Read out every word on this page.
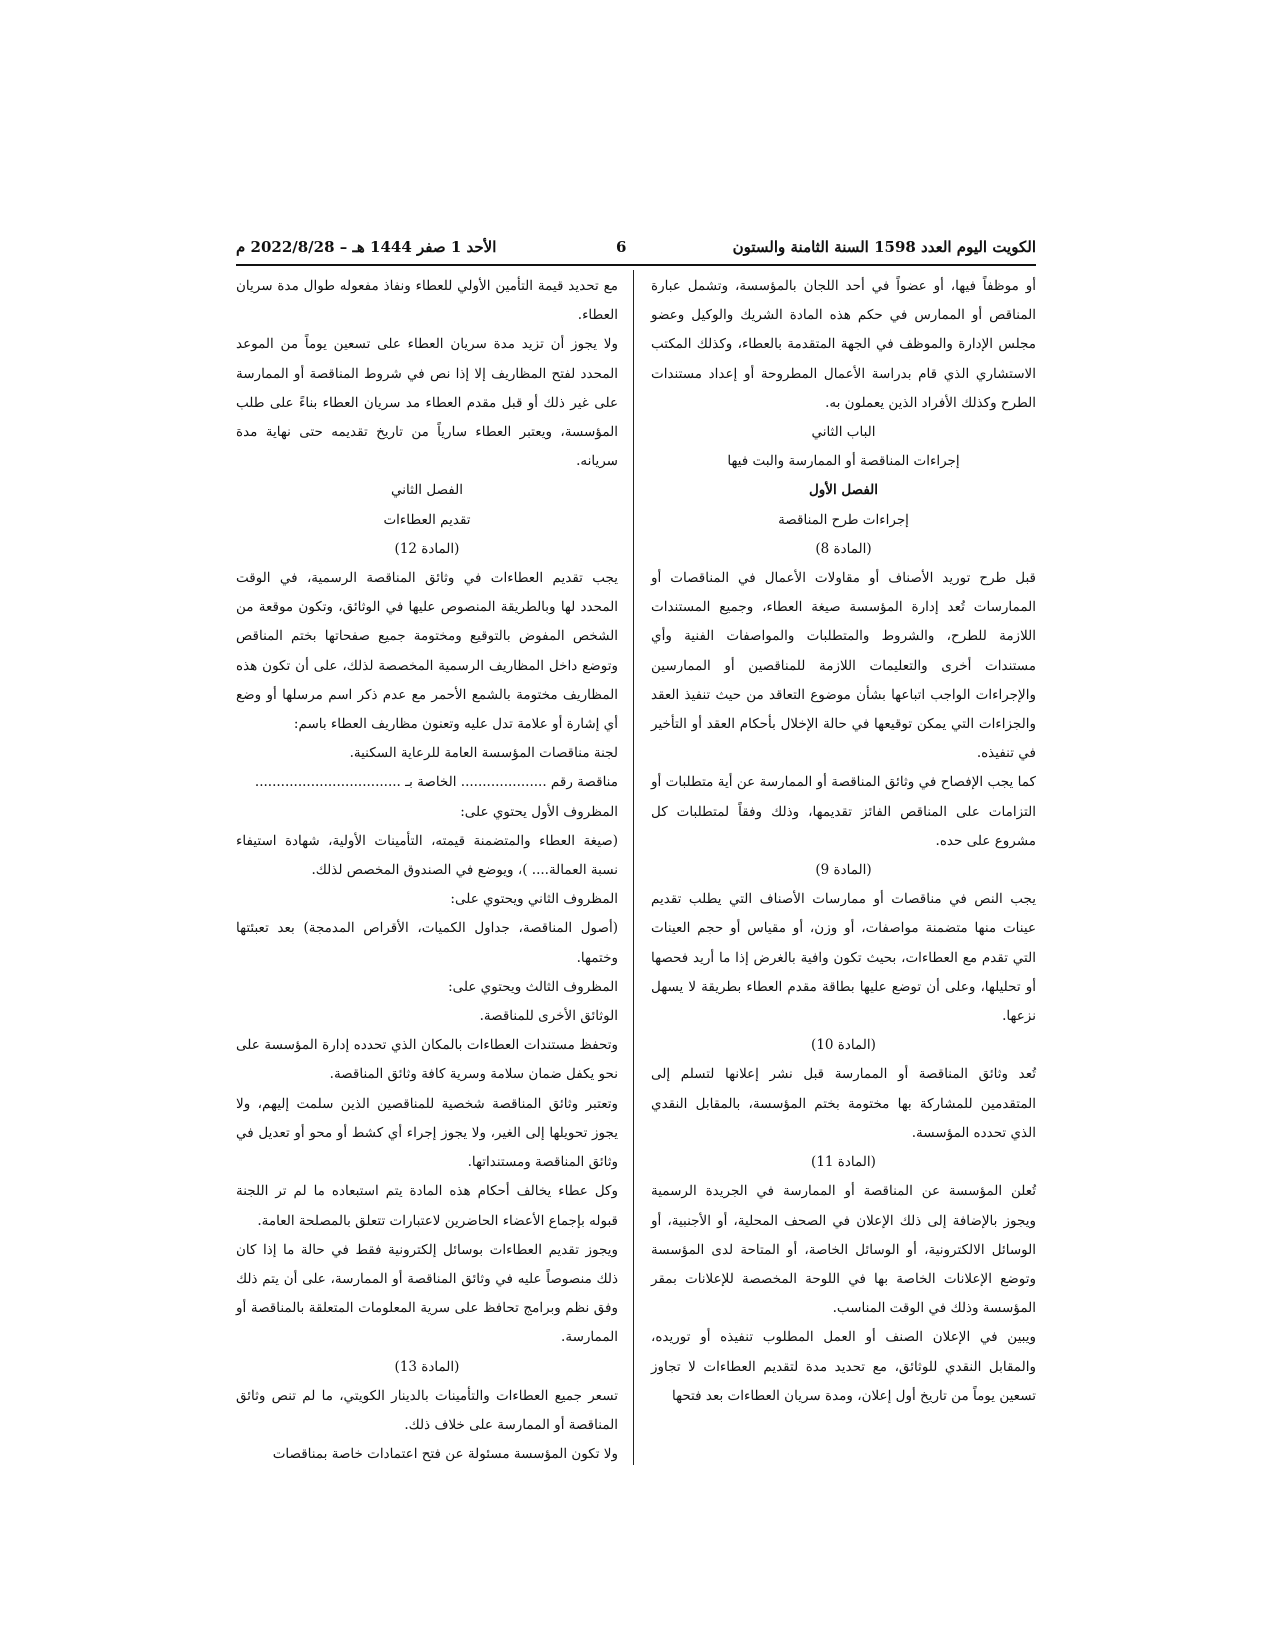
الكويت اليوم العدد 1598 السنة الثامنة والستون
6
الأحد 1 صفر 1444 هـ – 2022/8/28 م

أو موظفاً فيها، أو عضواً في أحد اللجان بالمؤسسة، وتشمل عبارة المناقص أو الممارس في حكم هذه المادة الشريك والوكيل وعضو مجلس الإدارة والموظف في الجهة المتقدمة بالعطاء، وكذلك المكتب الاستشاري الذي قام بدراسة الأعمال المطروحة أو إعداد مستندات الطرح وكذلك الأفراد الذين يعملون به.

الباب الثاني

إجراءات المناقصة أو الممارسة والبت فيها

الفصل الأول

إجراءات طرح المناقصة

(المادة 8)

قبل طرح توريد الأصناف أو مقاولات الأعمال في المناقصات أو الممارسات تُعد إدارة المؤسسة صيغة العطاء، وجميع المستندات اللازمة للطرح، والشروط والمتطلبات والمواصفات الفنية وأي مستندات أخرى والتعليمات اللازمة للمناقصين أو الممارسين والإجراءات الواجب اتباعها بشأن موضوع التعاقد من حيث تنفيذ العقد والجزاءات التي يمكن توقيعها في حالة الإخلال بأحكام العقد أو التأخير في تنفيذه.

كما يجب الإفصاح في وثائق المناقصة أو الممارسة عن أية متطلبات أو التزامات على المناقص الفائز تقديمها، وذلك وفقاً لمتطلبات كل مشروع على حده.

(المادة 9)

يجب النص في مناقصات أو ممارسات الأصناف التي يطلب تقديم عينات منها متضمنة مواصفات، أو وزن، أو مقياس أو حجم العينات التي تقدم مع العطاءات، بحيث تكون وافية بالغرض إذا ما أريد فحصها أو تحليلها، وعلى أن توضع عليها بطاقة مقدم العطاء بطريقة لا يسهل نزعها.

(المادة 10)

تُعد وثائق المناقصة أو الممارسة قبل نشر إعلانها لتسلم إلى المتقدمين للمشاركة بها مختومة بختم المؤسسة، بالمقابل النقدي الذي تحدده المؤسسة.

(المادة 11)

تُعلن المؤسسة عن المناقصة أو الممارسة في الجريدة الرسمية ويجوز بالإضافة إلى ذلك الإعلان في الصحف المحلية، أو الأجنبية، أو الوسائل الالكترونية، أو الوسائل الخاصة، أو المتاحة لدى المؤسسة وتوضع الإعلانات الخاصة بها في اللوحة المخصصة للإعلانات بمقر المؤسسة وذلك في الوقت المناسب.

ويبين في الإعلان الصنف أو العمل المطلوب تنفيذه أو توريده، والمقابل النقدي للوثائق، مع تحديد مدة لتقديم العطاءات لا تجاوز تسعين يوماً من تاريخ أول إعلان، ومدة سريان العطاءات بعد فتحها

مع تحديد قيمة التأمين الأولي للعطاء ونفاذ مفعوله طوال مدة سريان العطاء.

ولا يجوز أن تزيد مدة سريان العطاء على تسعين يوماً من الموعد المحدد لفتح المظاريف إلا إذا نص في شروط المناقصة أو الممارسة على غير ذلك أو قبل مقدم العطاء مد سريان العطاء بناءً على طلب المؤسسة، ويعتبر العطاء سارياً من تاريخ تقديمه حتى نهاية مدة سريانه.

الفصل الثاني

تقديم العطاءات

(المادة 12)

يجب تقديم العطاءات في وثائق المناقصة الرسمية، في الوقت المحدد لها وبالطريقة المنصوص عليها في الوثائق، وتكون موقعة من الشخص المفوض بالتوقيع ومختومة جميع صفحاتها بختم المناقص وتوضع داخل المظاريف الرسمية المخصصة لذلك، على أن تكون هذه المظاريف مختومة بالشمع الأحمر مع عدم ذكر اسم مرسلها أو وضع أي إشارة أو علامة تدل عليه وتعنون مظاريف العطاء باسم:

لجنة مناقصات المؤسسة العامة للرعاية السكنية.

مناقصة رقم .................... الخاصة بـ ..................................

المظروف الأول يحتوي على:

(صيغة العطاء والمتضمنة قيمته، التأمينات الأولية، شهادة استيفاء نسبة العمالة.... )، ويوضع في الصندوق المخصص لذلك.

المظروف الثاني ويحتوي على:

(أصول المناقصة، جداول الكميات، الأقراص المدمجة) بعد تعبئتها وختمها.

المظروف الثالث ويحتوي على:

الوثائق الأخرى للمناقصة.

وتحفظ مستندات العطاءات بالمكان الذي تحدده إدارة المؤسسة على نحو يكفل ضمان سلامة وسرية كافة وثائق المناقصة.

وتعتبر وثائق المناقصة شخصية للمناقصين الذين سلمت إليهم، ولا يجوز تحويلها إلى الغير، ولا يجوز إجراء أي كشط أو محو أو تعديل في وثائق المناقصة ومستنداتها.

وكل عطاء يخالف أحكام هذه المادة يتم استبعاده ما لم تر اللجنة قبوله بإجماع الأعضاء الحاضرين لاعتبارات تتعلق بالمصلحة العامة.

ويجوز تقديم العطاءات بوسائل إلكترونية فقط في حالة ما إذا كان ذلك منصوصاً عليه في وثائق المناقصة أو الممارسة، على أن يتم ذلك وفق نظم وبرامج تحافظ على سرية المعلومات المتعلقة بالمناقصة أو الممارسة.

(المادة 13)

تسعر جميع العطاءات والتأمينات بالدينار الكويتي، ما لم تنص وثائق المناقصة أو الممارسة على خلاف ذلك.

ولا تكون المؤسسة مسئولة عن فتح اعتمادات خاصة بمناقصات
